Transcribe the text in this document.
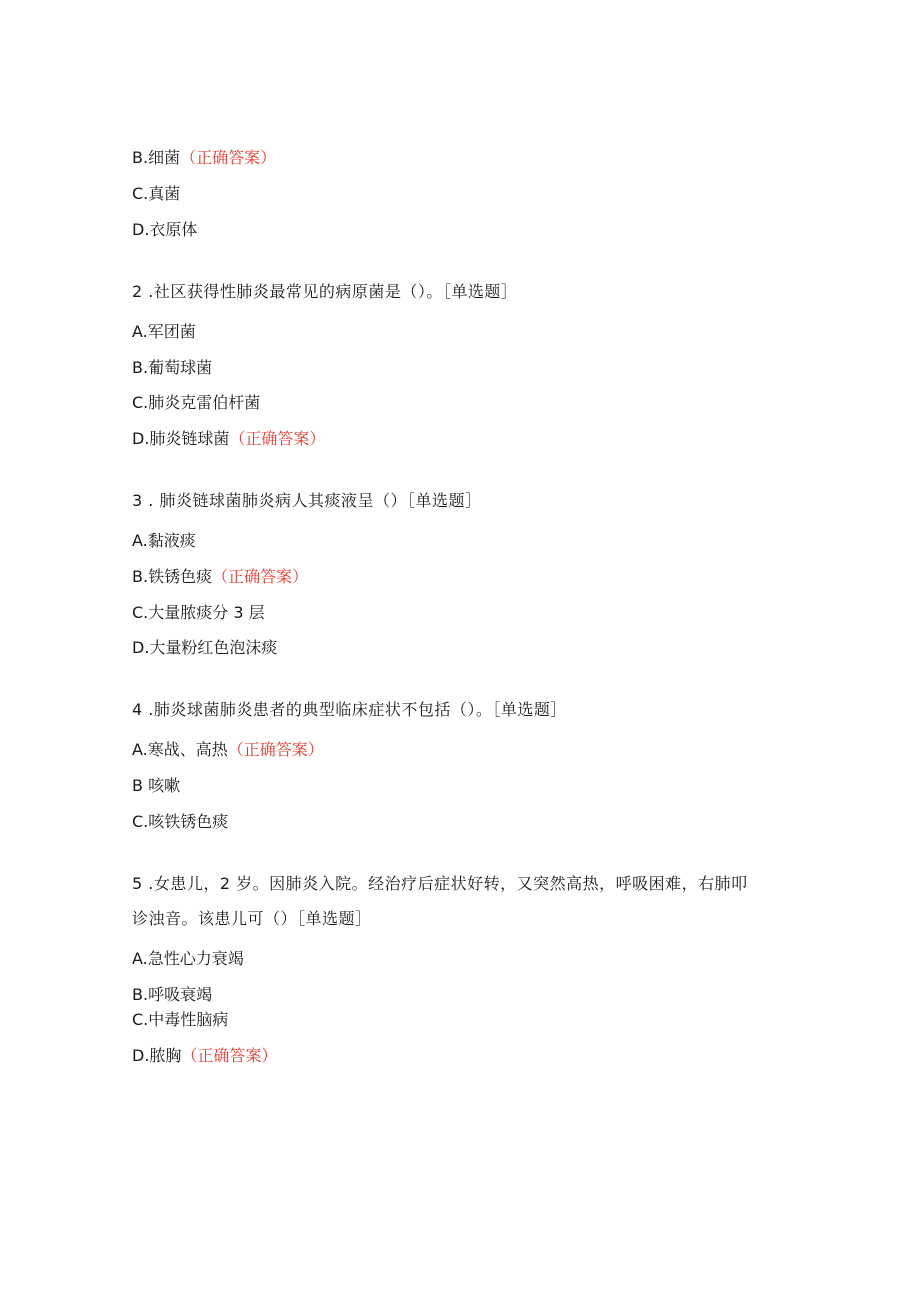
B.细菌（正确答案）
C.真菌
D.衣原体
2 .社区获得性肺炎最常见的病原菌是（）。［单选题］
A.军团菌
B.葡萄球菌
C.肺炎克雷伯杆菌
D.肺炎链球菌（正确答案）
3 . 肺炎链球菌肺炎病人其痰液呈（）［单选题］
A.黏液痰
B.铁锈色痰（正确答案）
C.大量脓痰分 3 层
D.大量粉红色泡沫痰
4 .肺炎球菌肺炎患者的典型临床症状不包括（）。［单选题］
A.寒战、高热（正确答案）
B 咳嗽
C.咳铁锈色痰
5 .女患儿，2 岁。因肺炎入院。经治疗后症状好转，又突然高热，呼吸困难，右肺叩
诊浊音。该患儿可（）［单选题］
A.急性心力衰竭
B.呼吸衰竭
C.中毒性脑病
D.脓胸（正确答案）
